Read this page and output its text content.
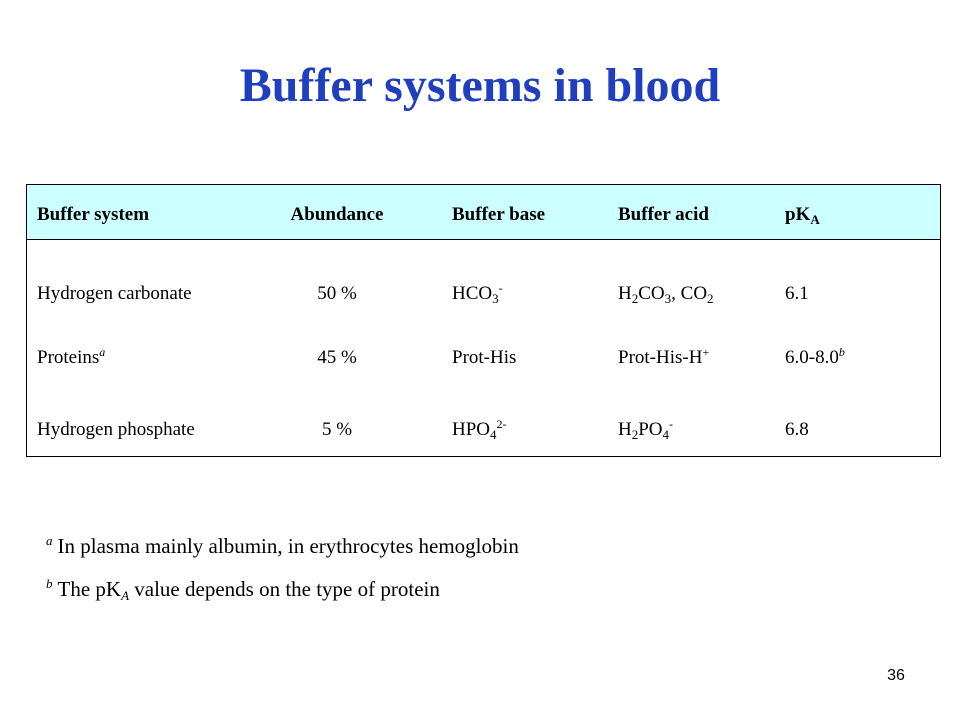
Buffer systems in blood
Buffer system	Abundance	Buffer base	Buffer acid	$pK_A$
Hydrogen carbonate	50 %	$HCO_3^-$	$H_2CO_3$, $CO_2$	6.1
Proteins$^a$	45 %	Prot-His	Prot-His-H+	6.0-8.0$^b$
Hydrogen phosphate	5 %	$HPO_4^{2-}$	$H_2PO_4^-$	6.8
$^a$ In plasma mainly albumin, in erythrocytes hemoglobin
$^b$ The $pK_A$ value depends on the type of protein
36
